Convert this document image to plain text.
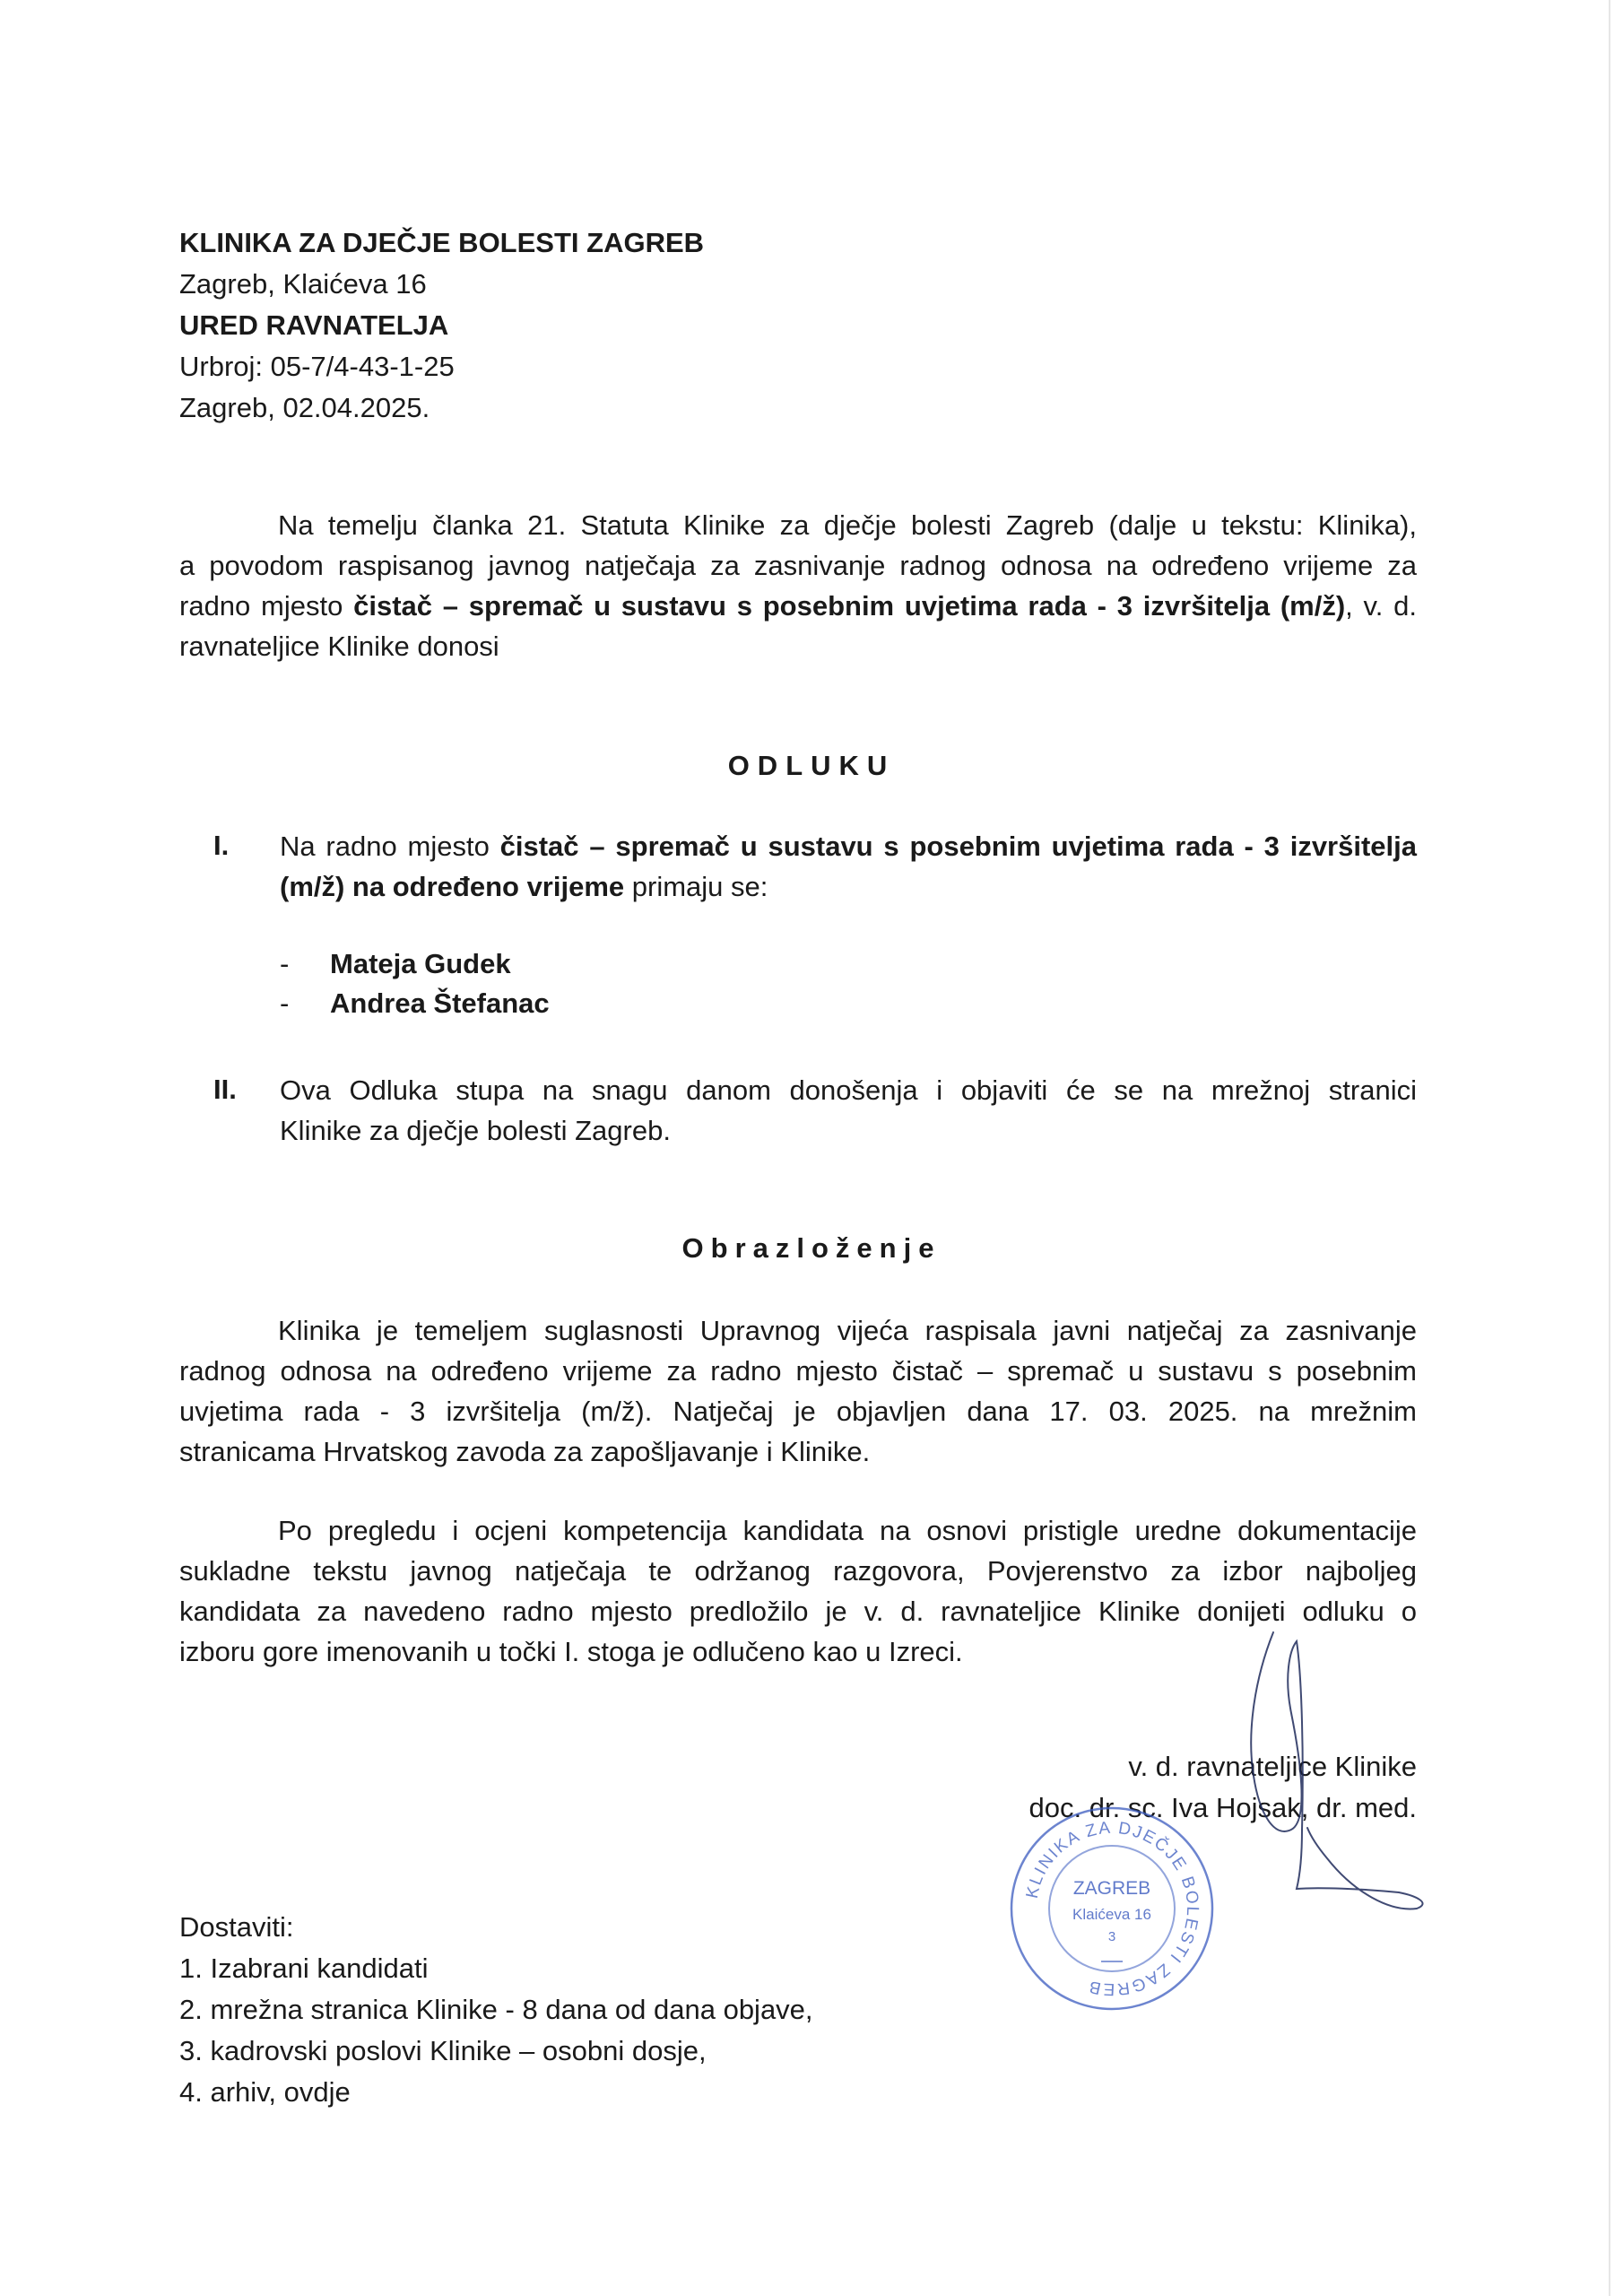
KLINIKA ZA DJEČJE BOLESTI ZAGREB
Zagreb, Klaićeva 16
URED RAVNATELJA
Urbroj: 05-7/4-43-1-25
Zagreb, 02.04.2025.
Na temelju članka 21. Statuta Klinike za dječje bolesti Zagreb (dalje u tekstu: Klinika),
a povodom raspisanog javnog natječaja za zasnivanje radnog odnosa na određeno vrijeme za
radno mjesto čistač – spremač u sustavu s posebnim uvjetima rada - 3 izvršitelja (m/ž), v. d.
ravnateljice Klinike donosi
ODLUKU
I. Na radno mjesto čistač – spremač u sustavu s posebnim uvjetima rada - 3 izvršitelja
(m/ž) na određeno vrijeme primaju se:
- Mateja Gudek
- Andrea Štefanac
II. Ova Odluka stupa na snagu danom donošenja i objaviti će se na mrežnoj stranici
Klinike za dječje bolesti Zagreb.
Obrazloženje
Klinika je temeljem suglasnosti Upravnog vijeća raspisala javni natječaj za zasnivanje
radnog odnosa na određeno vrijeme za radno mjesto čistač – spremač u sustavu s posebnim
uvjetima rada - 3 izvršitelja (m/ž). Natječaj je objavljen dana 17. 03. 2025. na mrežnim
stranicama Hrvatskog zavoda za zapošljavanje i Klinike.
Po pregledu i ocjeni kompetencija kandidata na osnovi pristigle uredne dokumentacije
sukladne tekstu javnog natječaja te održanog razgovora, Povjerenstvo za izbor najboljeg
kandidata za navedeno radno mjesto predložilo je v. d. ravnateljice Klinike donijeti odluku o
izboru gore imenovanih u točki I. stoga je odlučeno kao u Izreci.
v. d. ravnateljice Klinike
doc. dr. sc. Iva Hojsak, dr. med.
KLINIKA ZA DJEČJE BOLESTI ZAGREB
ZAGREB
Klaićeva 16
3
Dostaviti:
1. Izabrani kandidati
2. mrežna stranica Klinike - 8 dana od dana objave,
3. kadrovski poslovi Klinike – osobni dosje,
4. arhiv, ovdje
